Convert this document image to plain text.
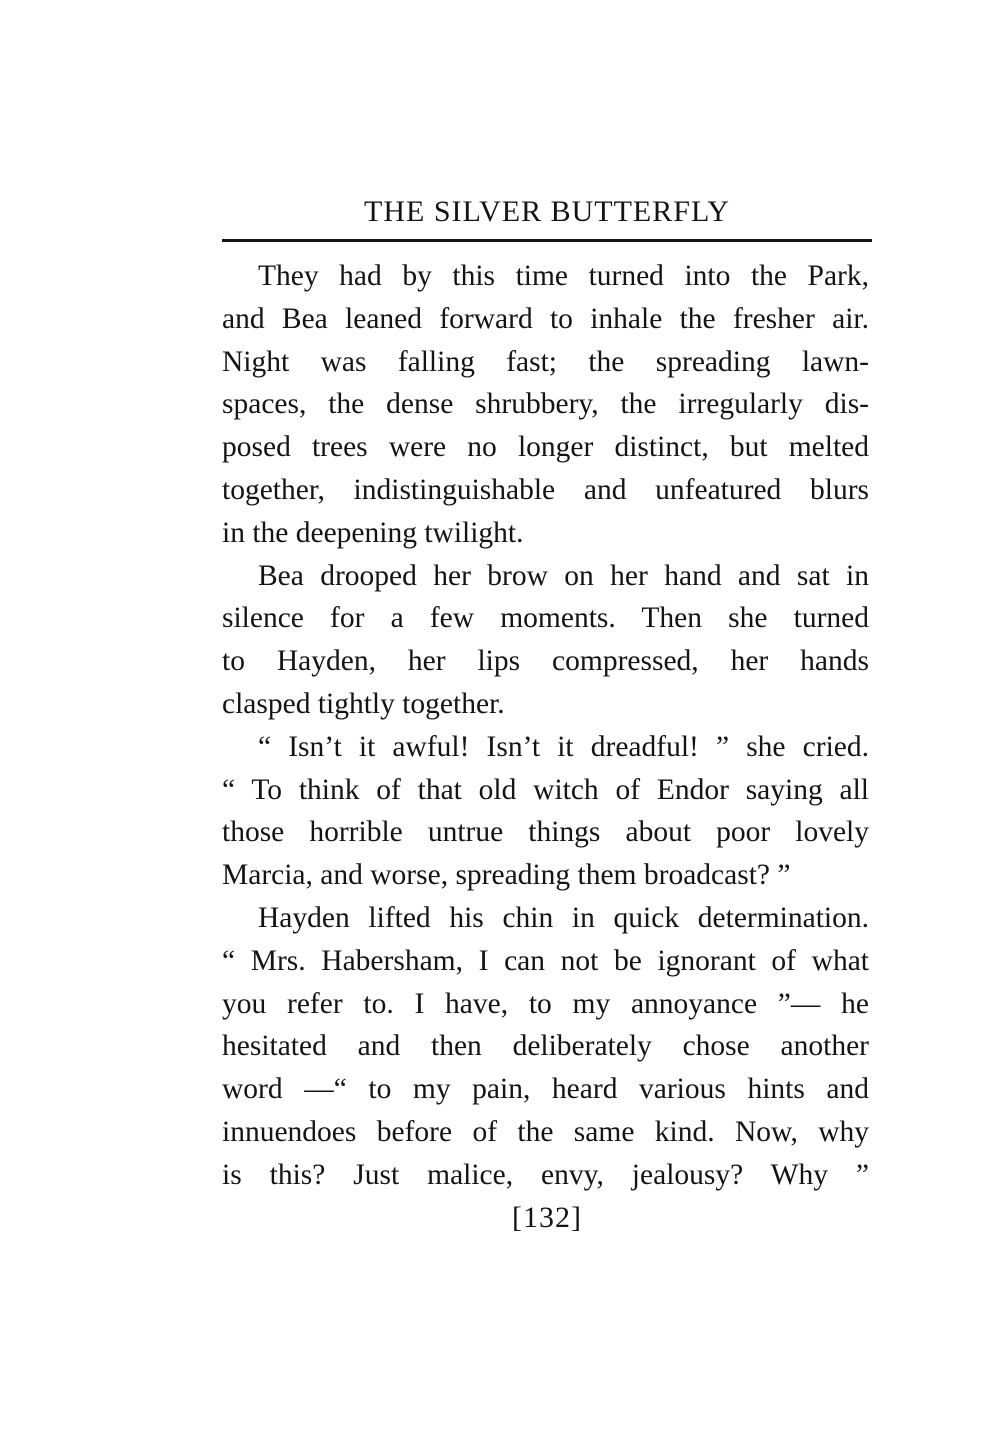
THE SILVER BUTTERFLY
They had by this time turned into the Park,
and Bea leaned forward to inhale the fresher air.
Night was falling fast; the spreading lawn-
spaces, the dense shrubbery, the irregularly dis-
posed trees were no longer distinct, but melted
together, indistinguishable and unfeatured blurs
in the deepening twilight.
Bea drooped her brow on her hand and sat in
silence for a few moments. Then she turned
to Hayden, her lips compressed, her hands
clasped tightly together.
“ Isn’t it awful! Isn’t it dreadful! ” she cried.
“ To think of that old witch of Endor saying all
those horrible untrue things about poor lovely
Marcia, and worse, spreading them broadcast? ”
Hayden lifted his chin in quick determination.
“ Mrs. Habersham, I can not be ignorant of what
you refer to. I have, to my annoyance ”— he
hesitated and then deliberately chose another
word —“ to my pain, heard various hints and
innuendoes before of the same kind. Now, why
is this? Just malice, envy, jealousy? Why ”
[132]
